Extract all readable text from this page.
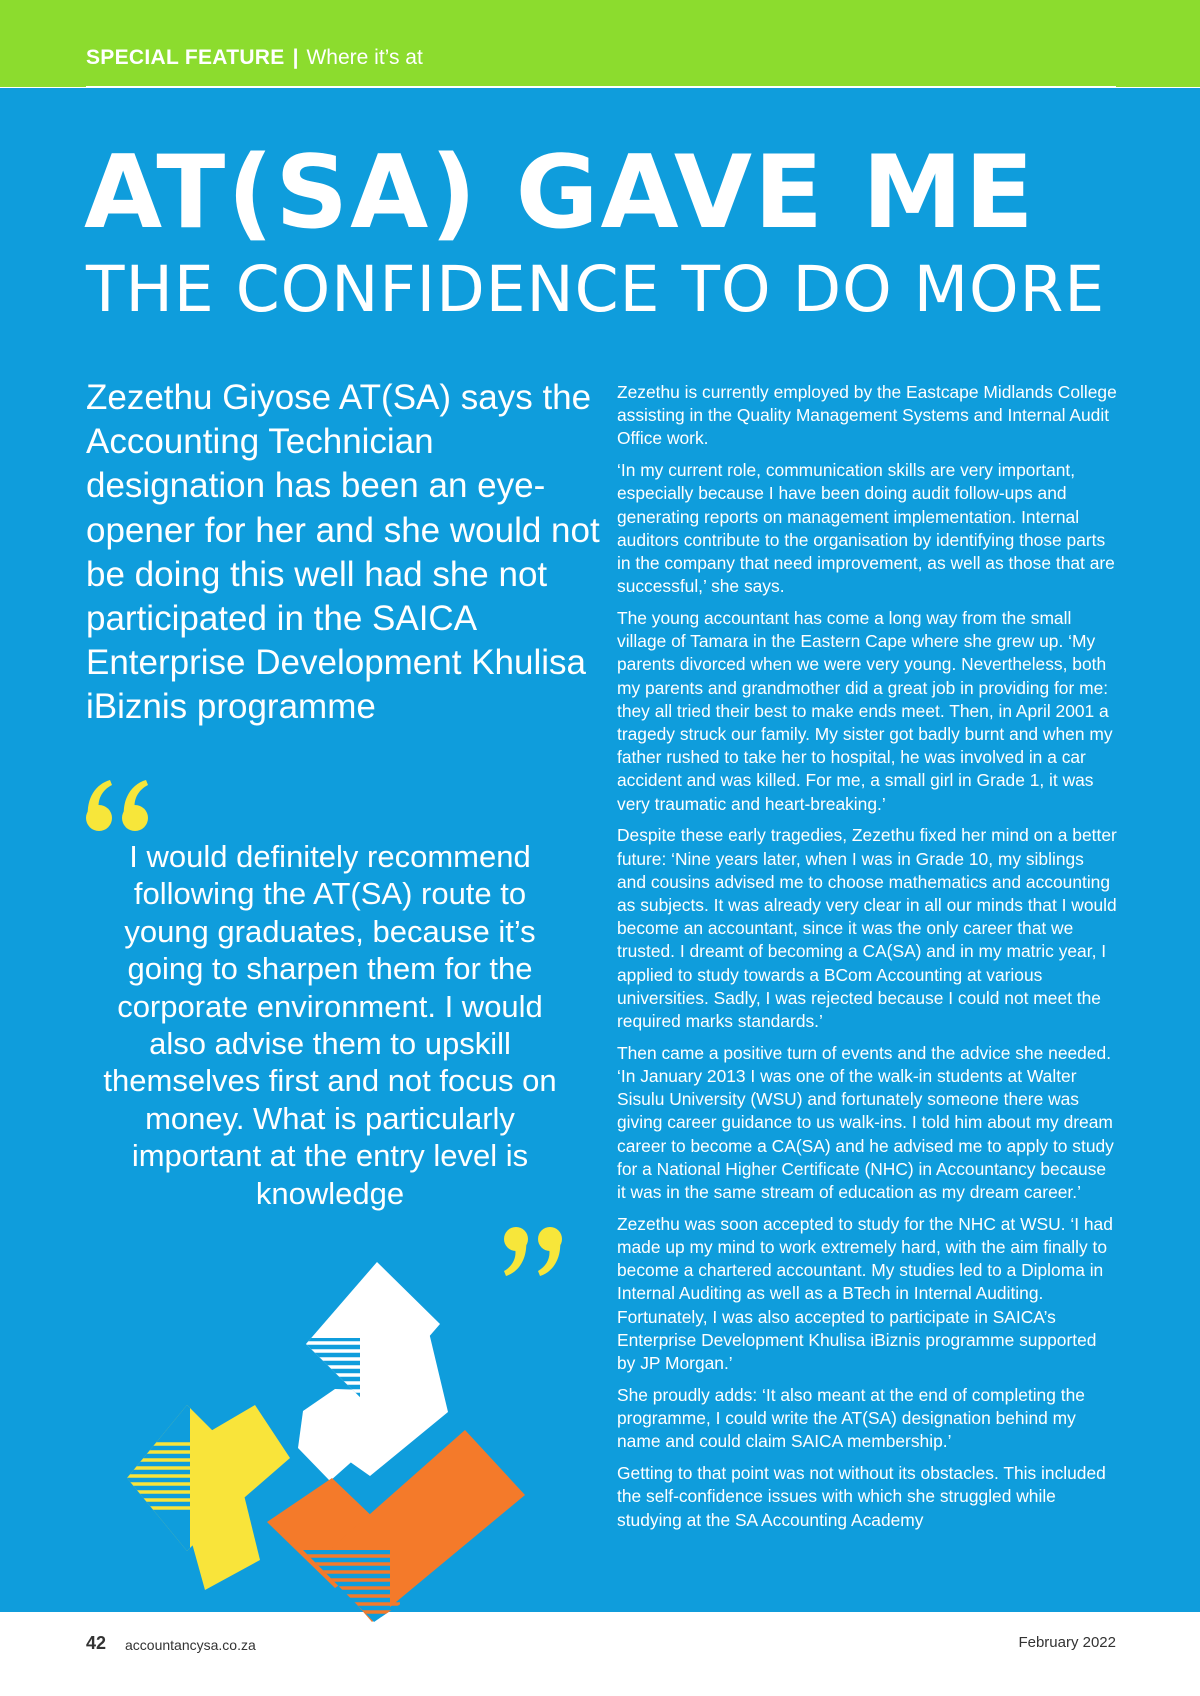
SPECIAL FEATURE | Where it’s at
AT(SA) GAVE ME
THE CONFIDENCE TO DO MORE

Zezethu Giyose AT(SA) says the Accounting Technician designation has been an eye-opener for her and she would not be doing this well had she not participated in the SAICA Enterprise Development Khulisa iBiznis programme

I would definitely recommend following the AT(SA) route to young graduates, because it’s going to sharpen them for the corporate environment. I would also advise them to upskill themselves first and not focus on money. What is particularly important at the entry level is knowledge

Zezethu is currently employed by the Eastcape Midlands College assisting in the Quality Management Systems and Internal Audit Office work.

‘In my current role, communication skills are very important, especially because I have been doing audit follow-ups and generating reports on management implementation. Internal auditors contribute to the organisation by identifying those parts in the company that need improvement, as well as those that are successful,’ she says.

The young accountant has come a long way from the small village of Tamara in the Eastern Cape where she grew up. ‘My parents divorced when we were very young. Nevertheless, both my parents and grandmother did a great job in providing for me: they all tried their best to make ends meet. Then, in April 2001 a tragedy struck our family. My sister got badly burnt and when my father rushed to take her to hospital, he was involved in a car accident and was killed. For me, a small girl in Grade 1, it was very traumatic and heart-breaking.’

Despite these early tragedies, Zezethu fixed her mind on a better future: ‘Nine years later, when I was in Grade 10, my siblings and cousins advised me to choose mathematics and accounting as subjects. It was already very clear in all our minds that I would become an accountant, since it was the only career that we trusted. I dreamt of becoming a CA(SA) and in my matric year, I applied to study towards a BCom Accounting at various universities. Sadly, I was rejected because I could not meet the required marks standards.’

Then came a positive turn of events and the advice she needed. ‘In January 2013 I was one of the walk-in students at Walter Sisulu University (WSU) and fortunately someone there was giving career guidance to us walk-ins. I told him about my dream career to become a CA(SA) and he advised me to apply to study for a National Higher Certificate (NHC) in Accountancy because it was in the same stream of education as my dream career.’

Zezethu was soon accepted to study for the NHC at WSU. ‘I had made up my mind to work extremely hard, with the aim finally to become a chartered accountant. My studies led to a Diploma in Internal Auditing as well as a BTech in Internal Auditing. Fortunately, I was also accepted to participate in SAICA’s Enterprise Development Khulisa iBiznis programme supported by JP Morgan.’

She proudly adds: ‘It also meant at the end of completing the programme, I could write the AT(SA) designation behind my name and could claim SAICA membership.’

Getting to that point was not without its obstacles. This included the self-confidence issues with which she struggled while studying at the SA Accounting Academy

42 accountancysa.co.za	February 2022
